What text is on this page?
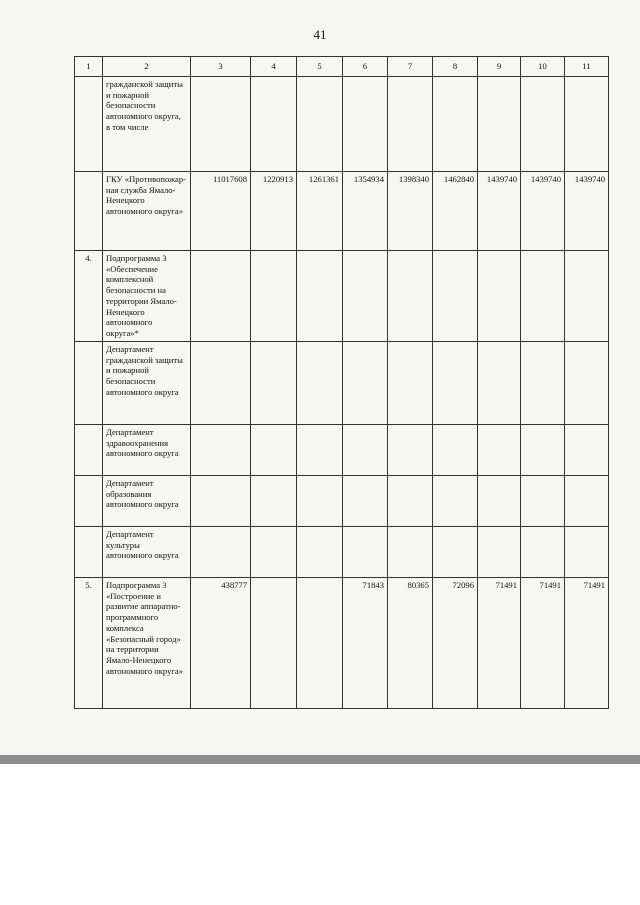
41
1	2	3	4	5	6	7	8	9	10	11
	гражданской защиты и пожарной безопасности автономного округа, в том числе									
	ГКУ «Противопожар-ная служба Ямало-Ненецкого автономного округа»	11017608	1220913	1261361	1354934	1398340	1462840	1439740	1439740	1439740
4.	Подпрограмма 3 «Обеспечение комплексной безопасности на территории Ямало-Ненецкого автономного округа»*									
	Департамент гражданской защиты и пожарной безопасности автономного округа									
	Департамент здравоохранения автономного округа									
	Департамент образования автономного округа									
	Департамент культуры автономного округа									
5.	Подпрограмма 3 «Построение и развитие аппаратно-программного комплекса «Безопасный город» на территории Ямало-Ненецкого автономного округа»	438777			71843	80365	72096	71491	71491	71491
